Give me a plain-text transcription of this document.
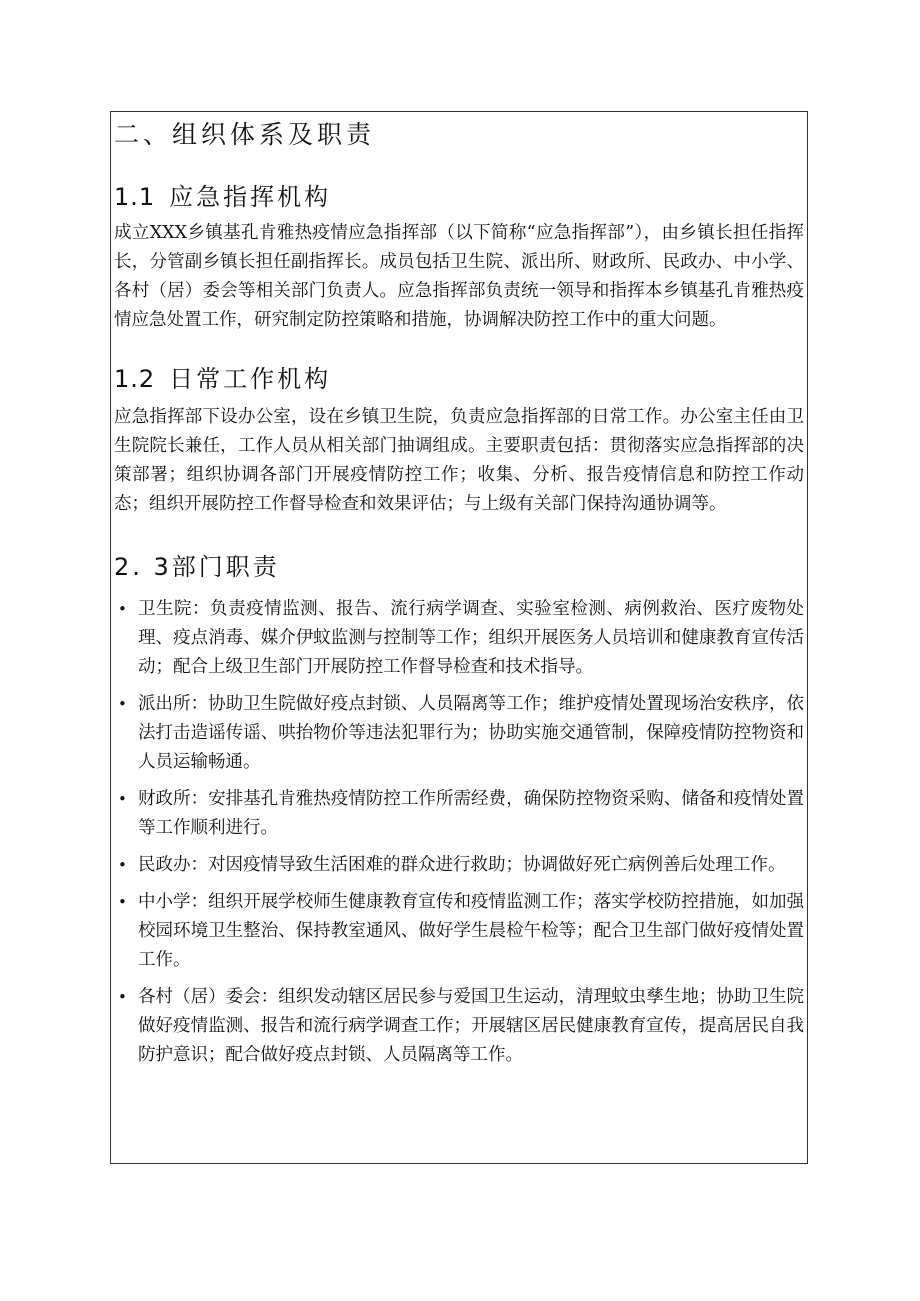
二、组织体系及职责
1.1 应急指挥机构

成立XXX乡镇基孔肯雅热疫情应急指挥部（以下简称“应急指挥部”），由乡镇长担任指挥长，分管副乡镇长担任副指挥长。成员包括卫生院、派出所、财政所、民政办、中小学、各村（居）委会等相关部门负责人。应急指挥部负责统一领导和指挥本乡镇基孔肯雅热疫情应急处置工作，研究制定防控策略和措施，协调解决防控工作中的重大问题。

1.2 日常工作机构

应急指挥部下设办公室，设在乡镇卫生院，负责应急指挥部的日常工作。办公室主任由卫生院院长兼任，工作人员从相关部门抽调组成。主要职责包括：贯彻落实应急指挥部的决策部署；组织协调各部门开展疫情防控工作；收集、分析、报告疫情信息和防控工作动态；组织开展防控工作督导检查和效果评估；与上级有关部门保持沟通协调等。

2. 3部门职责
• 卫生院：负责疫情监测、报告、流行病学调查、实验室检测、病例救治、医疗废物处理、疫点消毒、媒介伊蚊监测与控制等工作；组织开展医务人员培训和健康教育宣传活动；配合上级卫生部门开展防控工作督导检查和技术指导。
• 派出所：协助卫生院做好疫点封锁、人员隔离等工作；维护疫情处置现场治安秩序，依法打击造谣传谣、哄抬物价等违法犯罪行为；协助实施交通管制，保障疫情防控物资和人员运输畅通。
• 财政所：安排基孔肯雅热疫情防控工作所需经费，确保防控物资采购、储备和疫情处置等工作顺利进行。
• 民政办：对因疫情导致生活困难的群众进行救助；协调做好死亡病例善后处理工作。
• 中小学：组织开展学校师生健康教育宣传和疫情监测工作；落实学校防控措施，如加强校园环境卫生整治、保持教室通风、做好学生晨检午检等；配合卫生部门做好疫情处置工作。
• 各村（居）委会：组织发动辖区居民参与爱国卫生运动，清理蚊虫孳生地；协助卫生院做好疫情监测、报告和流行病学调查工作；开展辖区居民健康教育宣传，提高居民自我防护意识；配合做好疫点封锁、人员隔离等工作。
